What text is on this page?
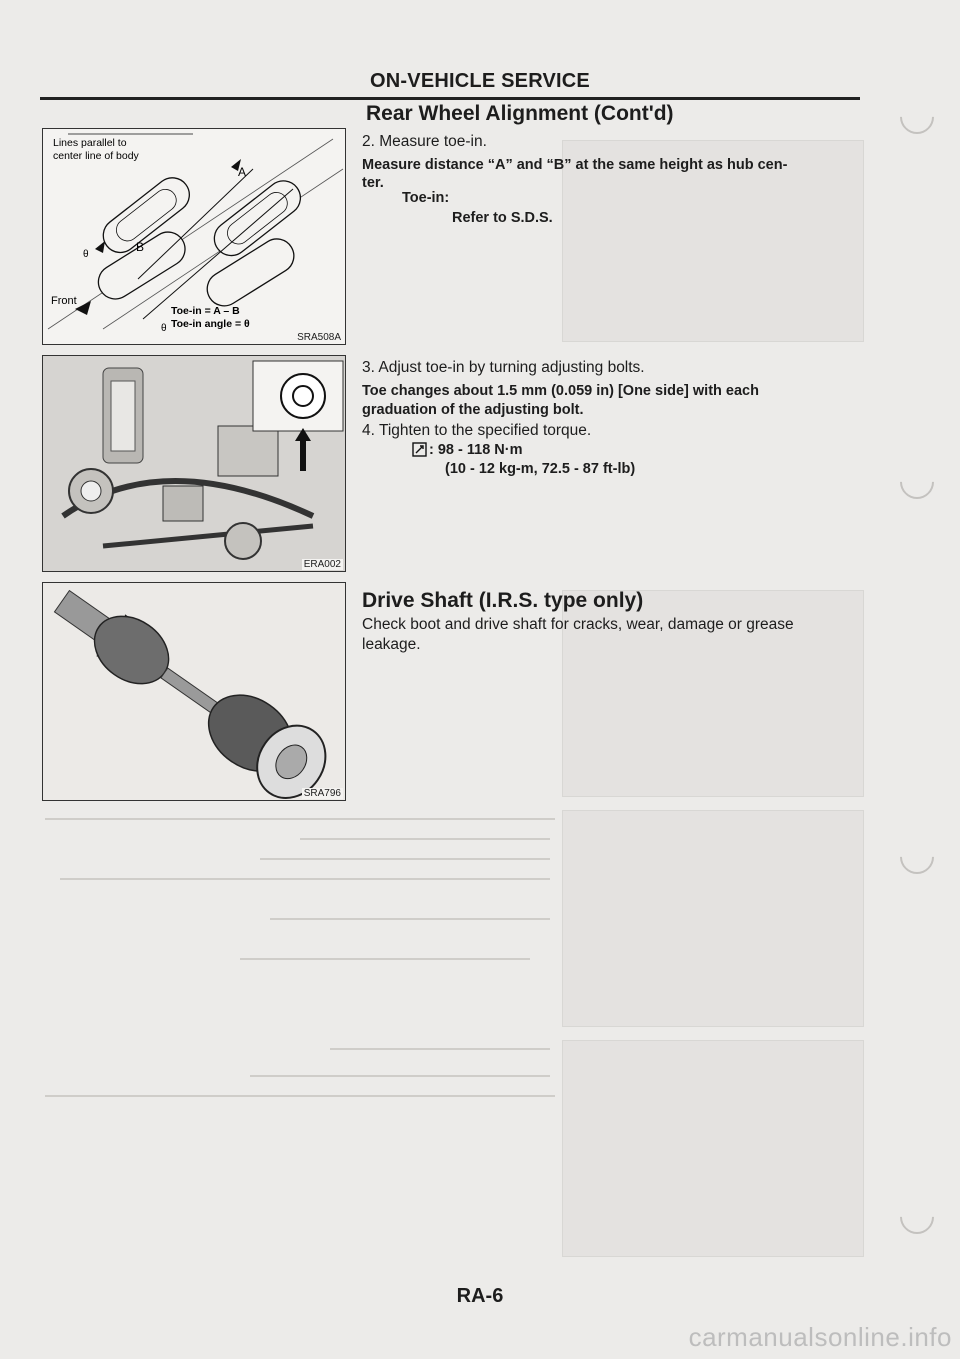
ON-VEHICLE SERVICE
Lines parallel to
center line of body
A
B
Front
Toe-in = A – B
Toe-in angle = θ
θ
θ
SRA508A
ERA002
SRA796
Rear Wheel Alignment (Cont'd)
2. Measure toe-in.
Measure distance “A” and “B” at the same height as hub cen-
ter.
Toe-in:
Refer to S.D.S.
3. Adjust toe-in by turning adjusting bolts.
Toe changes about 1.5 mm (0.059 in) [One side] with each
graduation of the adjusting bolt.
4. Tighten to the specified torque.
: 98 - 118 N·m
(10 - 12 kg-m, 72.5 - 87 ft-lb)
Drive Shaft (I.R.S. type only)
Check boot and drive shaft for cracks, wear, damage or grease
leakage.
RA-6
carmanualsonline.info
